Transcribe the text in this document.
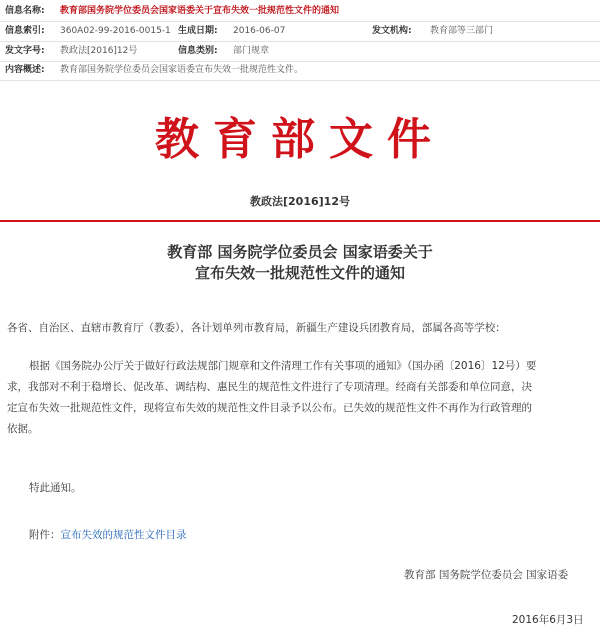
信息名称: 教育部国务院学位委员会国家语委关于宣布失效一批规范性文件的通知
信息索引: 360A02-99-2016-0015-1 生成日期: 2016-06-07	发文机构: 教育部等三部门
发文字号: 教政法[2016]12号	信息类别: 部门规章
内容概述: 教育部国务院学位委员会国家语委宣布失效一批规范性文件。
教育部文件
教政法[2016]12号
教育部 国务院学位委员会 国家语委关于
宣布失效一批规范性文件的通知
各省、自治区、直辖市教育厅（教委），各计划单列市教育局，新疆生产建设兵团教育局，部属各高等学校：
根据《国务院办公厅关于做好行政法规部门规章和文件清理工作有关事项的通知》（国办函〔2016〕12号）要
求，我部对不利于稳增长、促改革、调结构、惠民生的规范性文件进行了专项清理。经商有关部委和单位同意，决
定宣布失效一批规范性文件，现将宣布失效的规范性文件目录予以公布。已失效的规范性文件不再作为行政管理的
依据。
特此通知。
附件：宣布失效的规范性文件目录
教育部 国务院学位委员会 国家语委
2016年6月3日
